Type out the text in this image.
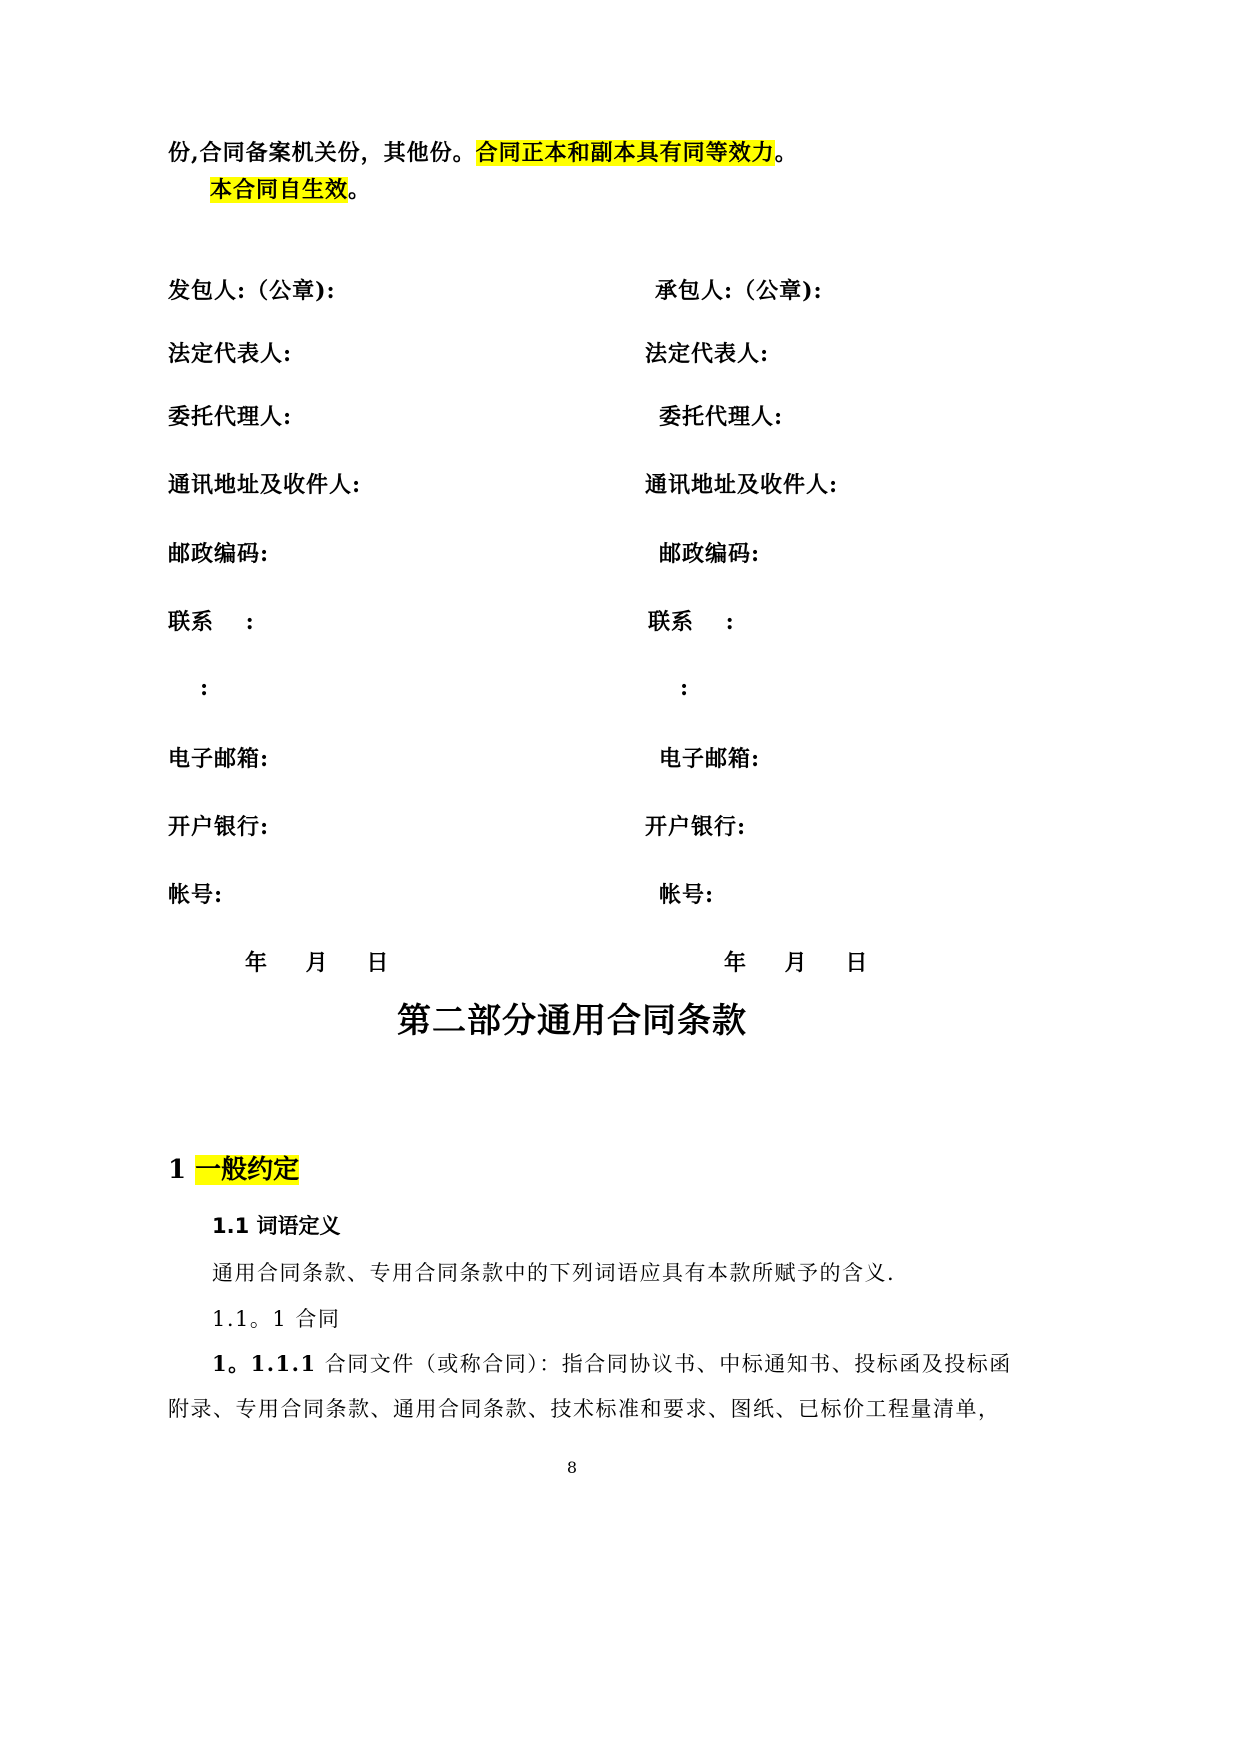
份,合同备案机关份，其他份。合同正本和副本具有同等效力。
本合同自生效。
发包人:（公章):
法定代表人:
委托代理人:
通讯地址及收件人:
邮政编码:
联系　 :
:
电子邮箱:
开户银行:
帐号:
年　 月　 日
承包人:（公章):
法定代表人:
委托代理人:
通讯地址及收件人:
邮政编码:
联系　 :
:
电子邮箱:
开户银行:
帐号:
年　 月　 日
第二部分通用合同条款
1 一般约定
1.1 词语定义
通用合同条款、专用合同条款中的下列词语应具有本款所赋予的含义.
1.1。1 合同
1。1.1.1 合同文件（或称合同）：指合同协议书、中标通知书、投标函及投标函
附录、专用合同条款、通用合同条款、技术标准和要求、图纸、已标价工程量清单，
8
